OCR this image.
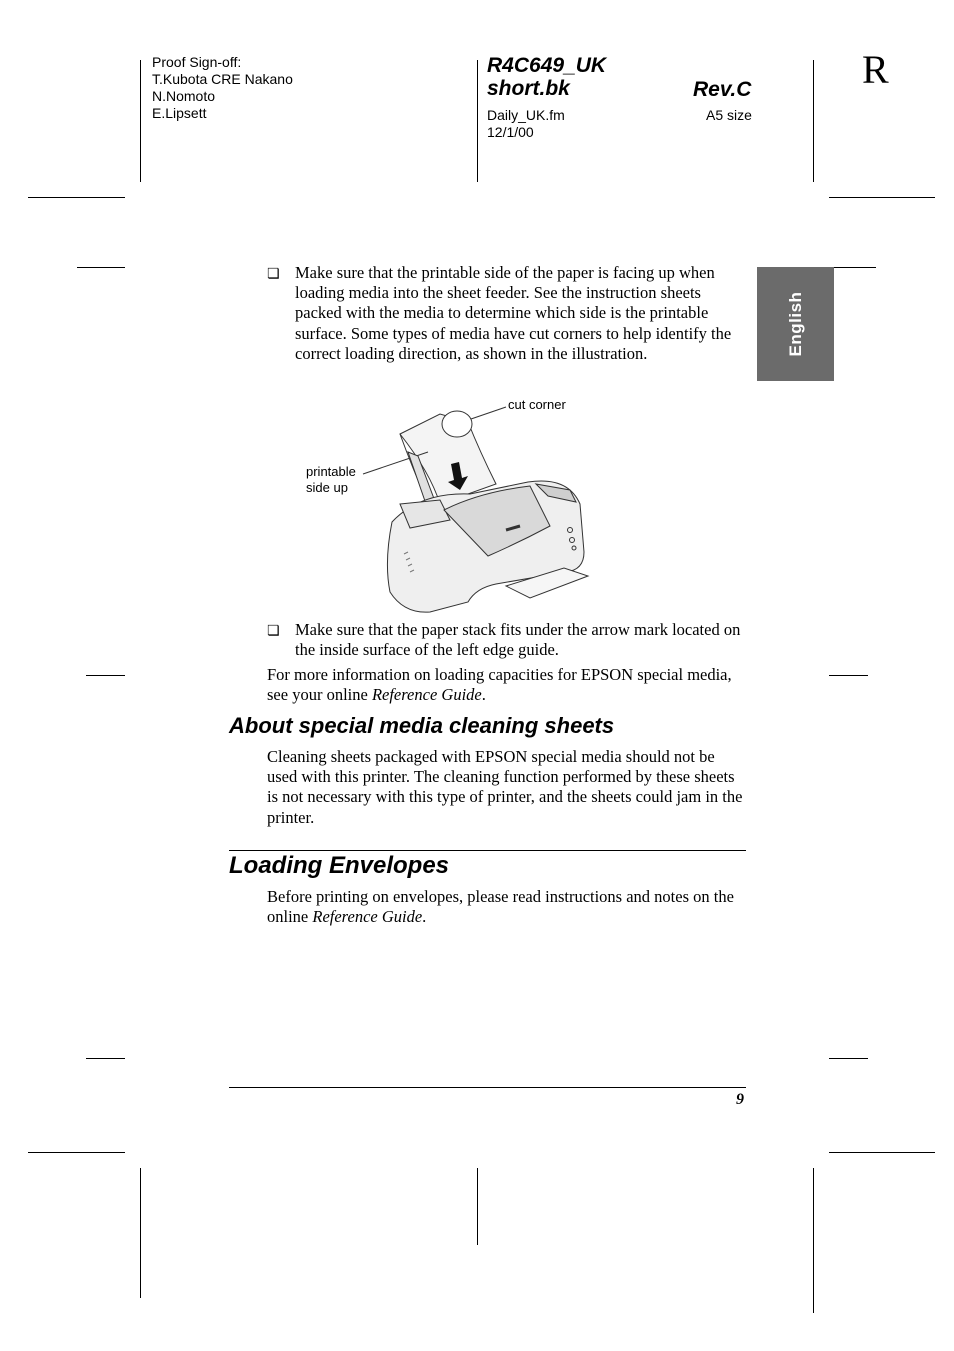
Proof Sign-off:
T.Kubota CRE Nakano
N.Nomoto
E.Lipsett
R4C649_UK
short.bk	Rev.C
Daily_UK.fm
12/1/00
A5 size
R
English
❏ Make sure that the printable side of the paper is facing up when loading media into the sheet feeder. See the instruction sheets packed with the media to determine which side is the printable surface. Some types of media have cut corners to help identify the correct loading direction, as shown in the illustration.
cut corner
printable
side up
❏ Make sure that the paper stack fits under the arrow mark located on the inside surface of the left edge guide.
For more information on loading capacities for EPSON special media, see your online Reference Guide.
About special media cleaning sheets
Cleaning sheets packaged with EPSON special media should not be used with this printer. The cleaning function performed by these sheets is not necessary with this type of printer, and the sheets could jam in the printer.
Loading Envelopes
Before printing on envelopes, please read instructions and notes on the online Reference Guide.
9
